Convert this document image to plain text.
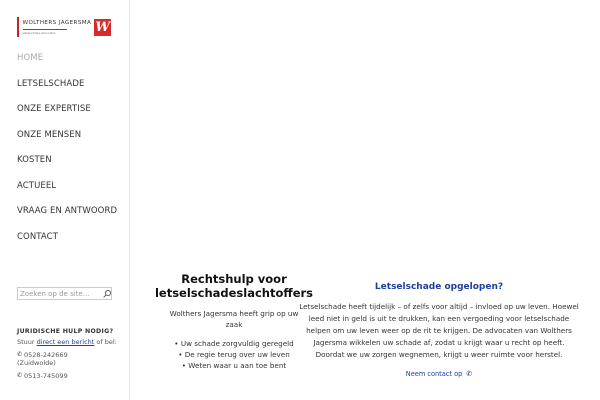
WOLTHERS JAGERSMA
letselschade advocaten	W
HOME
LETSELSCHADE
ONZE EXPERTISE
ONZE MENSEN
KOSTEN
ACTUEEL
VRAAG EN ANTWOORD
CONTACT
Zoeken op de site...
JURIDISCHE HULP NODIG?
Stuur direct een bericht of bel:
✆ 0528-242669
(Zuidwolde)
✆ 0513-745099
Rechtshulp voor letselschadeslachtoffers

Wolthers Jagersma heeft grip op uw zaak

• Uw schade zorgvuldig geregeld
• De regie terug over uw leven
• Weten waar u aan toe bent
Letselschade opgelopen?

Letselschade heeft tijdelijk – of zelfs voor altijd – invloed op uw leven. Hoewel leed niet in geld is uit te drukken, kan een vergoeding voor letselschade helpen om uw leven weer op de rit te krijgen. De advocaten van Wolthers Jagersma wikkelen uw schade af, zodat u krijgt waar u recht op heeft. Doordat we uw zorgen wegnemen, krijgt u weer ruimte voor herstel.

Neem contact op ✆
